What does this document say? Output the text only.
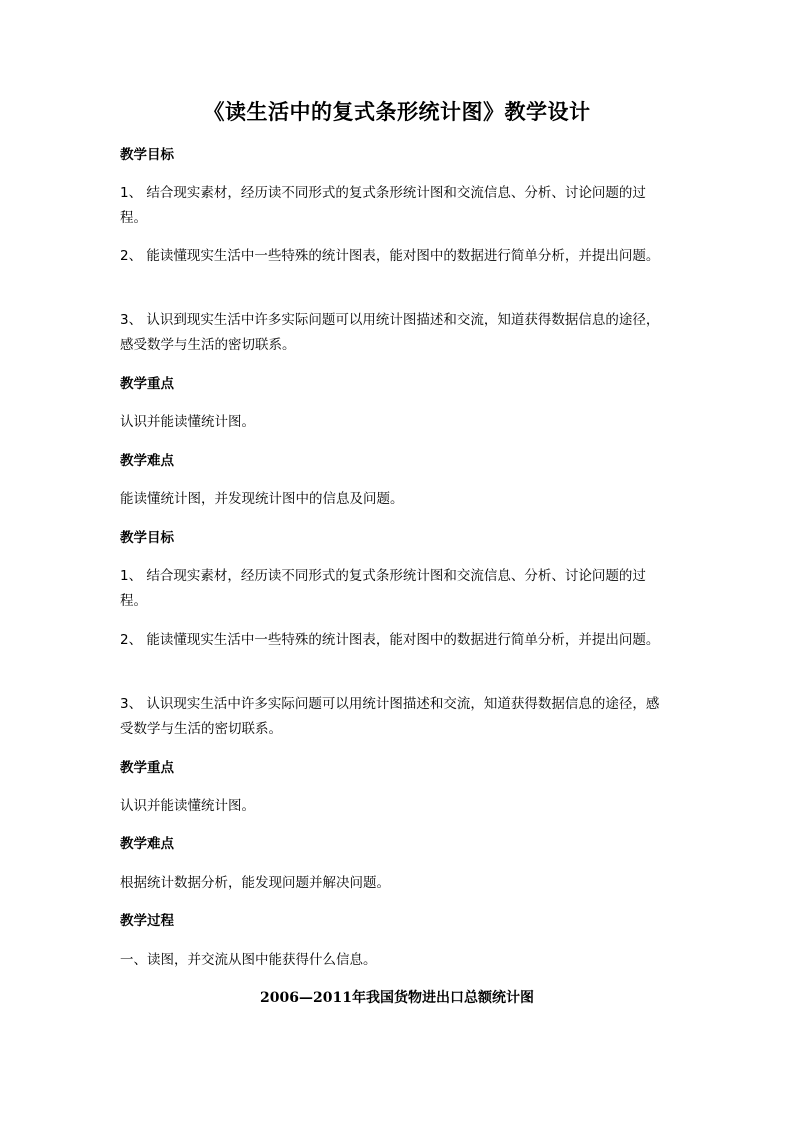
《读生活中的复式条形统计图》教学设计
教学目标
1、 结合现实素材，经历读不同形式的复式条形统计图和交流信息、分析、讨论问题的过程。
2、 能读懂现实生活中一些特殊的统计图表，能对图中的数据进行简单分析，并提出问题。
3、 认识到现实生活中许多实际问题可以用统计图描述和交流，知道获得数据信息的途径，感受数学与生活的密切联系。
教学重点
认识并能读懂统计图。
教学难点
能读懂统计图，并发现统计图中的信息及问题。
教学目标
1、 结合现实素材，经历读不同形式的复式条形统计图和交流信息、分析、讨论问题的过程。
2、 能读懂现实生活中一些特殊的统计图表，能对图中的数据进行简单分析，并提出问题。
3、 认识现实生活中许多实际问题可以用统计图描述和交流，知道获得数据信息的途径，感受数学与生活的密切联系。
教学重点
认识并能读懂统计图。
教学难点
根据统计数据分析，能发现问题并解决问题。
教学过程
一、读图，并交流从图中能获得什么信息。
2006—2011年我国货物进出口总额统计图
